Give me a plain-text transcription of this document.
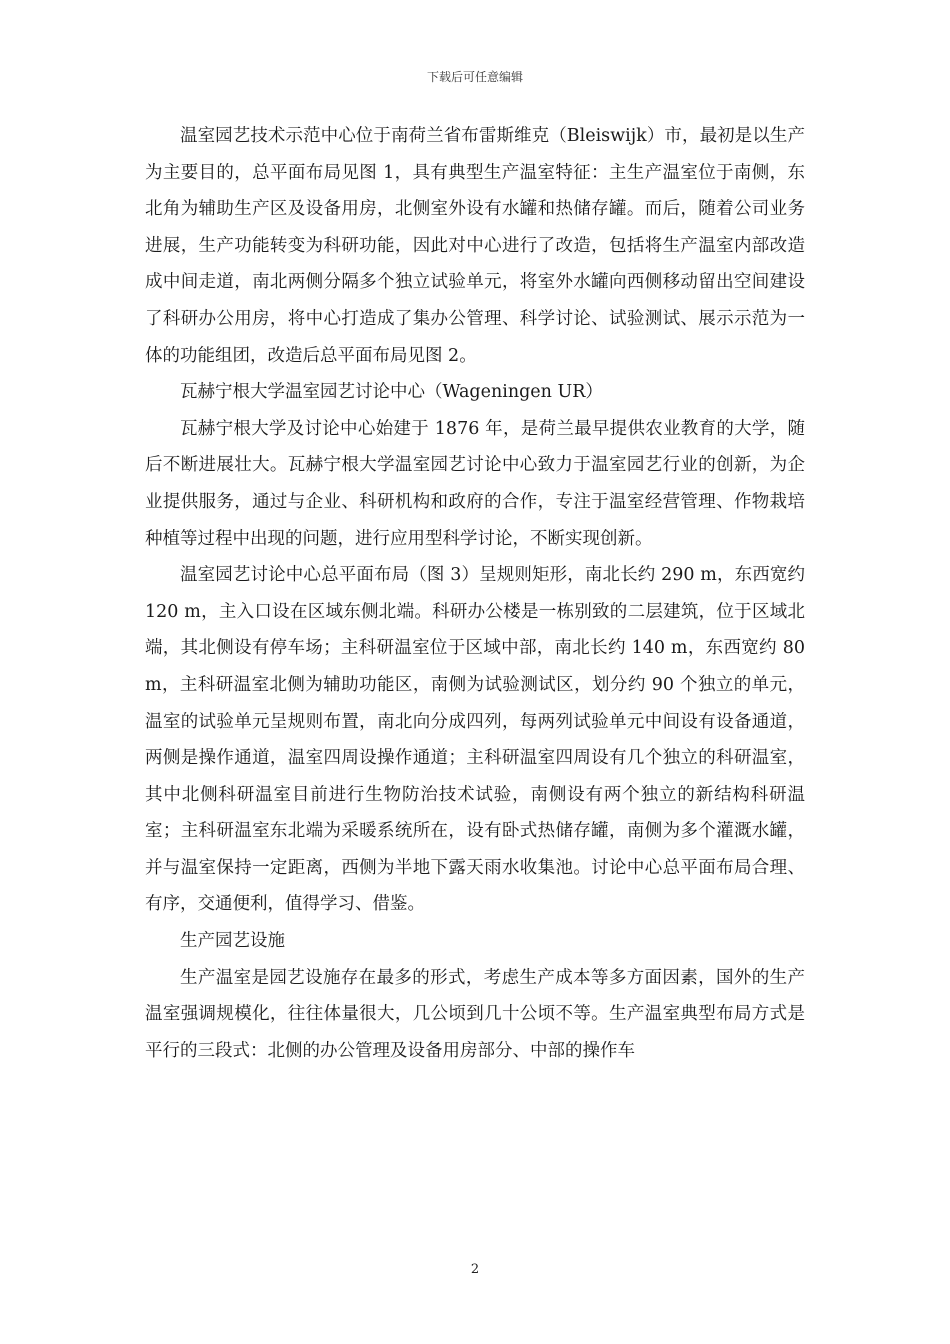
下载后可任意编辑

温室园艺技术示范中心位于南荷兰省布雷斯维克（Bleiswijk）市，最初是以生产为主要目的，总平面布局见图 1，具有典型生产温室特征：主生产温室位于南侧，东北角为辅助生产区及设备用房，北侧室外设有水罐和热储存罐。而后，随着公司业务进展，生产功能转变为科研功能，因此对中心进行了改造，包括将生产温室内部改造成中间走道，南北两侧分隔多个独立试验单元，将室外水罐向西侧移动留出空间建设了科研办公用房，将中心打造成了集办公管理、科学讨论、试验测试、展示示范为一体的功能组团，改造后总平面布局见图 2。

瓦赫宁根大学温室园艺讨论中心（Wageningen UR）

瓦赫宁根大学及讨论中心始建于 1876 年，是荷兰最早提供农业教育的大学，随后不断进展壮大。瓦赫宁根大学温室园艺讨论中心致力于温室园艺行业的创新，为企业提供服务，通过与企业、科研机构和政府的合作，专注于温室经营管理、作物栽培种植等过程中出现的问题，进行应用型科学讨论，不断实现创新。

温室园艺讨论中心总平面布局（图 3）呈规则矩形，南北长约 290 m，东西宽约 120 m，主入口设在区域东侧北端。科研办公楼是一栋别致的二层建筑，位于区域北端，其北侧设有停车场；主科研温室位于区域中部，南北长约 140 m，东西宽约 80 m，主科研温室北侧为辅助功能区，南侧为试验测试区，划分约 90 个独立的单元，温室的试验单元呈规则布置，南北向分成四列，每两列试验单元中间设有设备通道，两侧是操作通道，温室四周设操作通道；主科研温室四周设有几个独立的科研温室，其中北侧科研温室目前进行生物防治技术试验，南侧设有两个独立的新结构科研温室；主科研温室东北端为采暖系统所在，设有卧式热储存罐，南侧为多个灌溉水罐，并与温室保持一定距离，西侧为半地下露天雨水收集池。讨论中心总平面布局合理、有序，交通便利，值得学习、借鉴。

生产园艺设施

生产温室是园艺设施存在最多的形式，考虑生产成本等多方面因素，国外的生产温室强调规模化，往往体量很大，几公顷到几十公顷不等。生产温室典型布局方式是平行的三段式：北侧的办公管理及设备用房部分、中部的操作车

2
